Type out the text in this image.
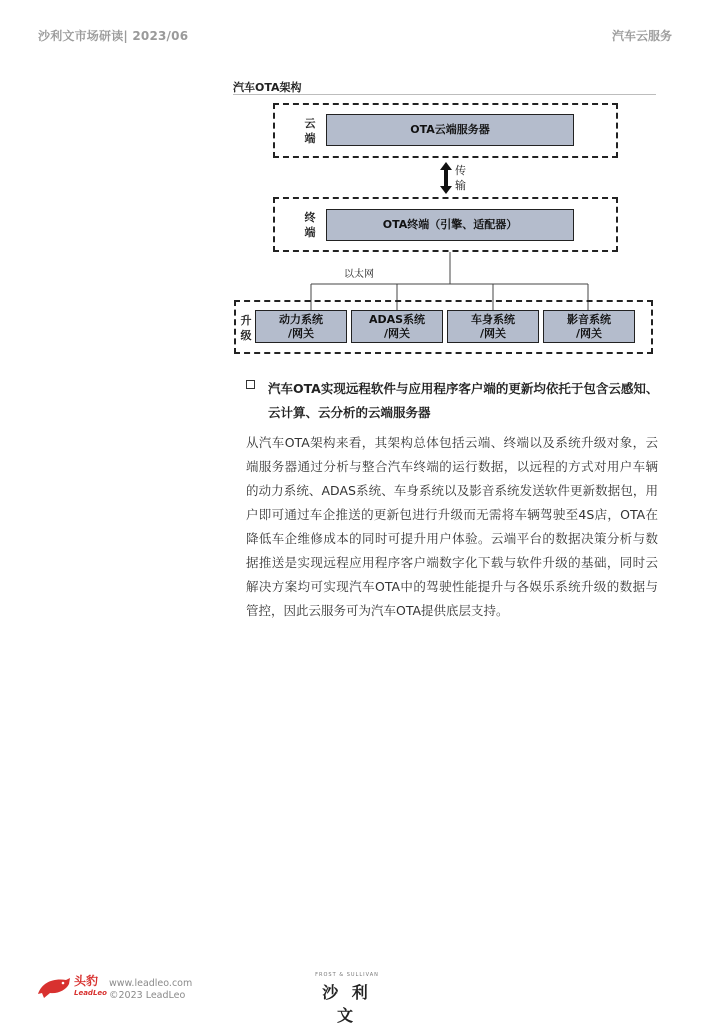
沙利文市场研读| 2023/06	汽车云服务
汽车OTA架构
云
端
OTA云端服务器
传
输
终
端
OTA终端（引擎、适配器）
以太网
升
级
动力系统
/网关
ADAS系统
/网关
车身系统
/网关
影音系统
/网关
汽车OTA实现远程软件与应用程序客户端的更新均依托于包含云感知、云计算、云分析的云端服务器
从汽车OTA架构来看，其架构总体包括云端、终端以及系统升级对象，云端服务器通过分析与整合汽车终端的运行数据，以远程的方式对用户车辆的动力系统、ADAS系统、车身系统以及影音系统发送软件更新数据包，用户即可通过车企推送的更新包进行升级而无需将车辆驾驶至4S店，OTA在降低车企维修成本的同时可提升用户体验。云端平台的数据决策分析与数据推送是实现远程应用程序客户端数字化下载与软件升级的基础，同时云解决方案均可实现汽车OTA中的驾驶性能提升与各娱乐系统升级的数据与管控，因此云服务可为汽车OTA提供底层支持。
头豹
LeadLeo
www.leadleo.com
©2023 LeadLeo
FROST & SULLIVAN
沙 利 文
